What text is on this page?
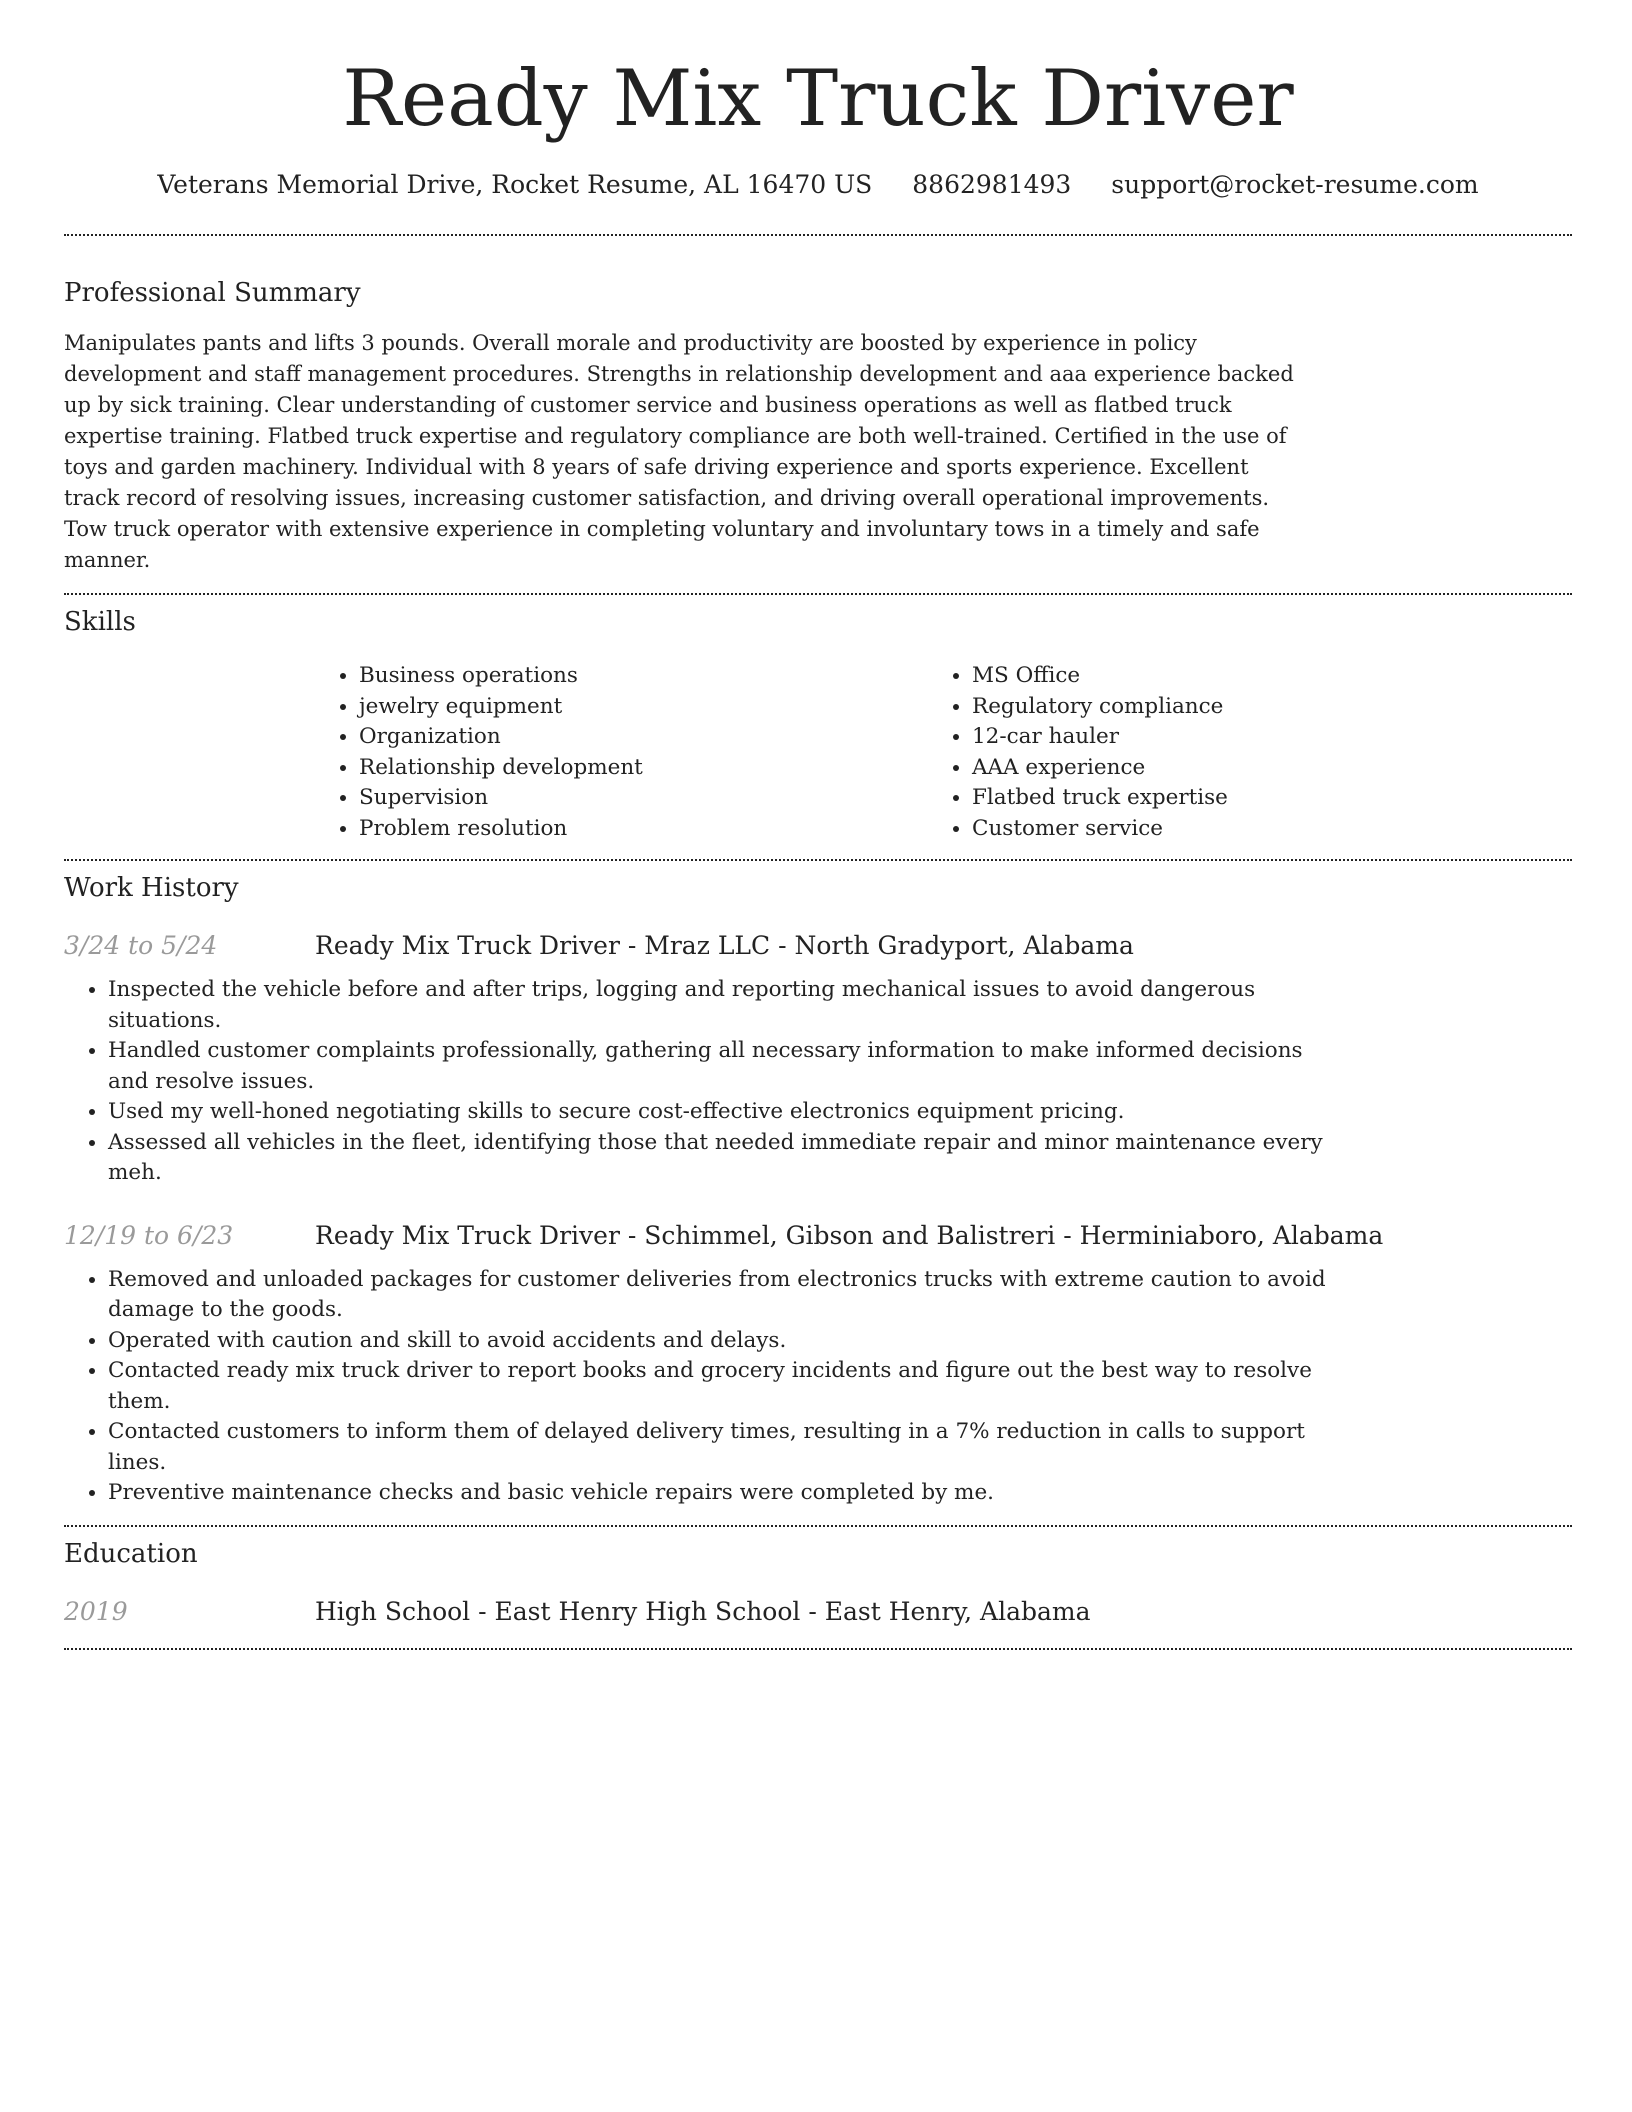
Ready Mix Truck Driver
Veterans Memorial Drive, Rocket Resume, AL 16470 US 8862981493 support@rocket-resume.com
Professional Summary

Manipulates pants and lifts 3 pounds. Overall morale and productivity are boosted by experience in policy development and staff management procedures. Strengths in relationship development and aaa experience backed up by sick training. Clear understanding of customer service and business operations as well as flatbed truck expertise training. Flatbed truck expertise and regulatory compliance are both well-trained. Certified in the use of toys and garden machinery. Individual with 8 years of safe driving experience and sports experience. Excellent track record of resolving issues, increasing customer satisfaction, and driving overall operational improvements. Tow truck operator with extensive experience in completing voluntary and involuntary tows in a timely and safe manner.

Skills
• Business operations
• jewelry equipment
• Organization
• Relationship development
• Supervision
• Problem resolution
• MS Office
• Regulatory compliance
• 12-car hauler
• AAA experience
• Flatbed truck expertise
• Customer service
Work History
3/24 to 5/24	Ready Mix Truck Driver - Mraz LLC - North Gradyport, Alabama
• Inspected the vehicle before and after trips, logging and reporting mechanical issues to avoid dangerous situations.
• Handled customer complaints professionally, gathering all necessary information to make informed decisions and resolve issues.
• Used my well-honed negotiating skills to secure cost-effective electronics equipment pricing.
• Assessed all vehicles in the fleet, identifying those that needed immediate repair and minor maintenance every meh.
12/19 to 6/23	Ready Mix Truck Driver - Schimmel, Gibson and Balistreri - Herminiaboro, Alabama
• Removed and unloaded packages for customer deliveries from electronics trucks with extreme caution to avoid damage to the goods.
• Operated with caution and skill to avoid accidents and delays.
• Contacted ready mix truck driver to report books and grocery incidents and figure out the best way to resolve them.
• Contacted customers to inform them of delayed delivery times, resulting in a 7% reduction in calls to support lines.
• Preventive maintenance checks and basic vehicle repairs were completed by me.
Education
2019	High School - East Henry High School - East Henry, Alabama
